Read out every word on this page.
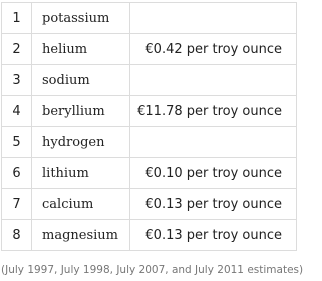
1	potassium	
2	helium	€0.42 per troy ounce
3	sodium	
4	beryllium	€11.78 per troy ounce
5	hydrogen	
6	lithium	€0.10 per troy ounce
7	calcium	€0.13 per troy ounce
8	magnesium	€0.13 per troy ounce
(July 1997, July 1998, July 2007, and July 2011 estimates)
